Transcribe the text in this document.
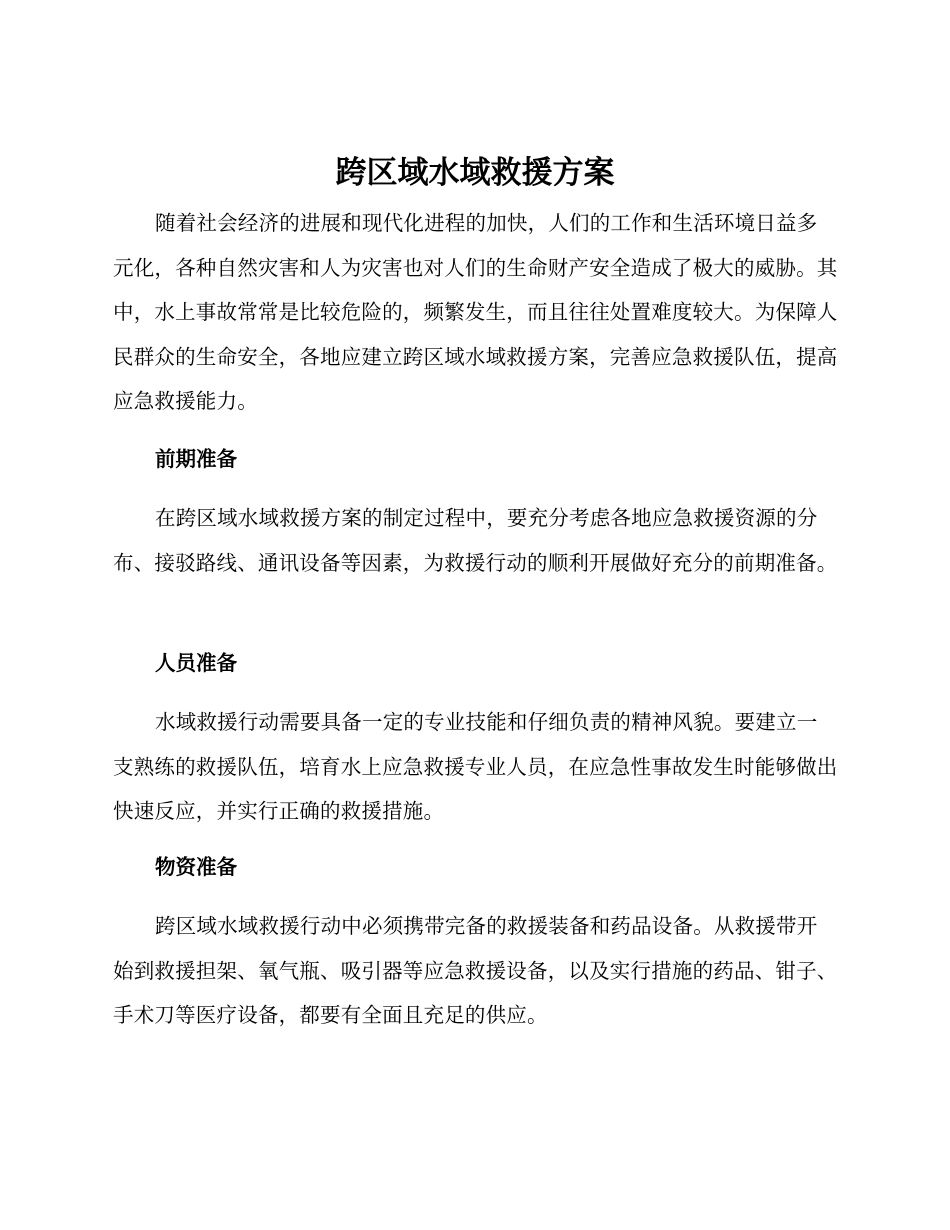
跨区域水域救援方案

随着社会经济的进展和现代化进程的加快，人们的工作和生活环境日益多元化，各种自然灾害和人为灾害也对人们的生命财产安全造成了极大的威胁。其中，水上事故常常是比较危险的，频繁发生，而且往往处置难度较大。为保障人民群众的生命安全，各地应建立跨区域水域救援方案，完善应急救援队伍，提高应急救援能力。

前期准备

在跨区域水域救援方案的制定过程中，要充分考虑各地应急救援资源的分布、接驳路线、通讯设备等因素，为救援行动的顺利开展做好充分的前期准备。

人员准备

水域救援行动需要具备一定的专业技能和仔细负责的精神风貌。要建立一支熟练的救援队伍，培育水上应急救援专业人员，在应急性事故发生时能够做出快速反应，并实行正确的救援措施。

物资准备

跨区域水域救援行动中必须携带完备的救援装备和药品设备。从救援带开始到救援担架、氧气瓶、吸引器等应急救援设备，以及实行措施的药品、钳子、手术刀等医疗设备，都要有全面且充足的供应。
